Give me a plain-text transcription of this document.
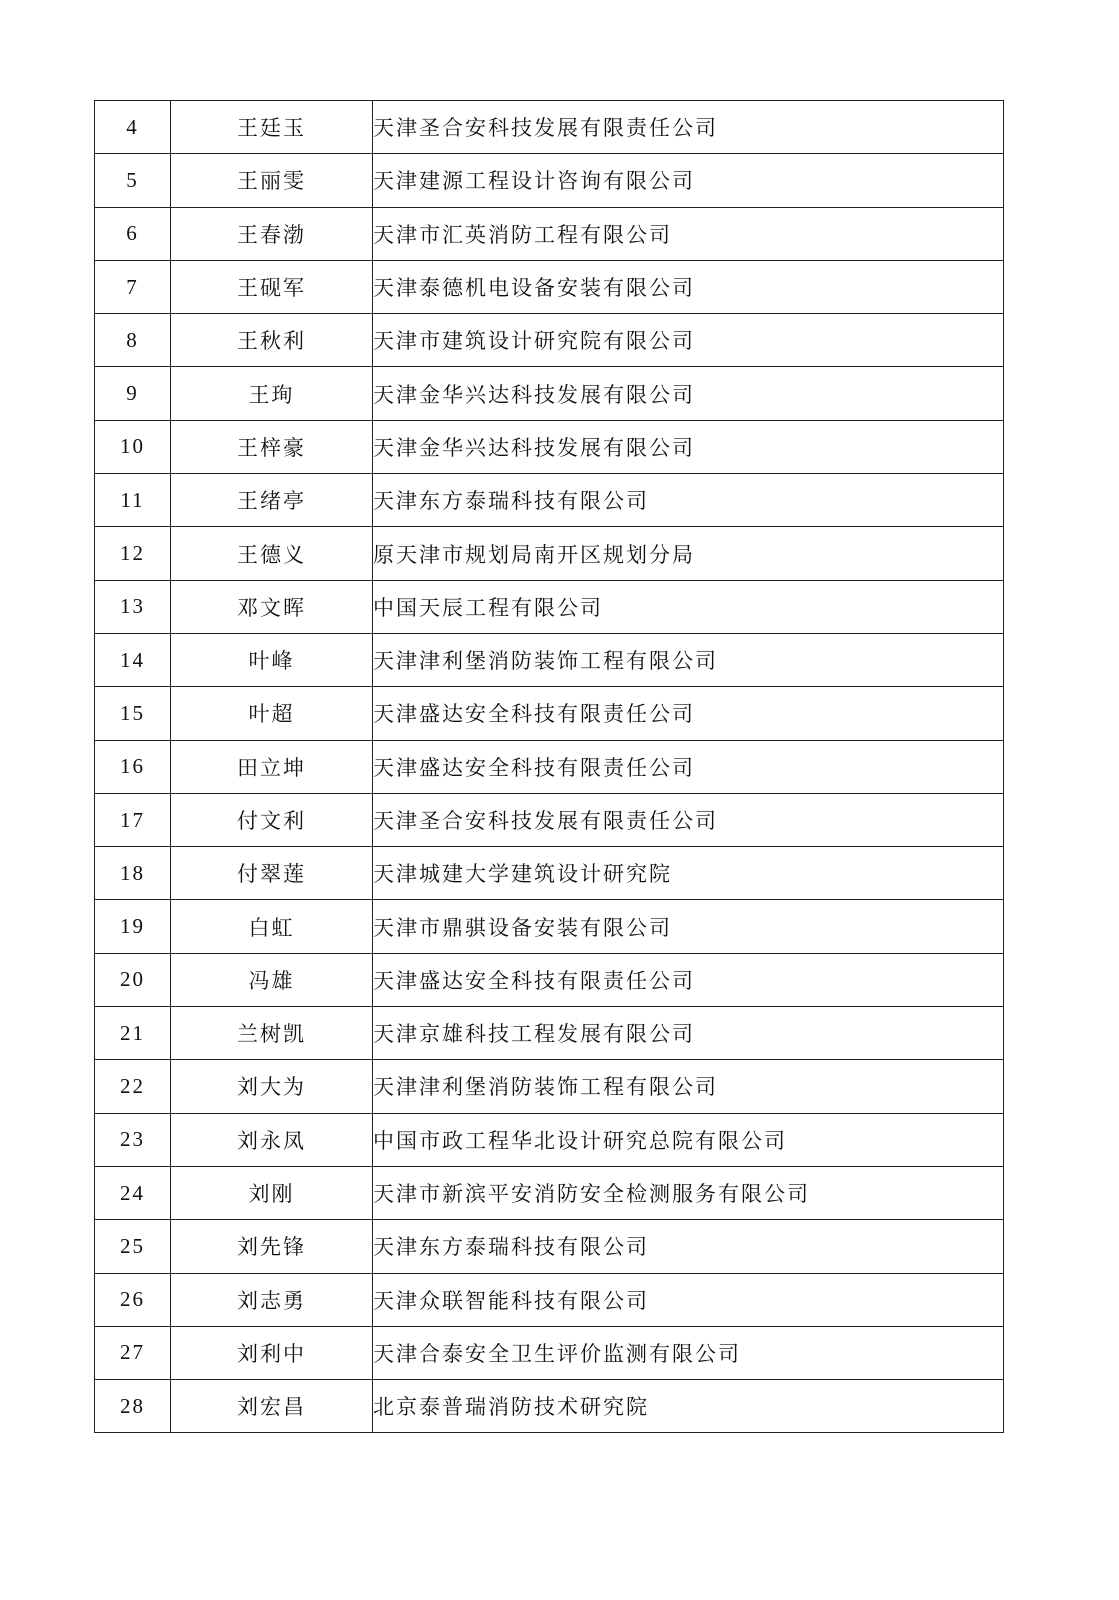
4	王廷玉	天津圣合安科技发展有限责任公司
5	王丽雯	天津建源工程设计咨询有限公司
6	王春渤	天津市汇英消防工程有限公司
7	王砚军	天津泰德机电设备安装有限公司
8	王秋利	天津市建筑设计研究院有限公司
9	王珣	天津金华兴达科技发展有限公司
10	王梓豪	天津金华兴达科技发展有限公司
11	王绪亭	天津东方泰瑞科技有限公司
12	王德义	原天津市规划局南开区规划分局
13	邓文晖	中国天辰工程有限公司
14	叶峰	天津津利堡消防装饰工程有限公司
15	叶超	天津盛达安全科技有限责任公司
16	田立坤	天津盛达安全科技有限责任公司
17	付文利	天津圣合安科技发展有限责任公司
18	付翠莲	天津城建大学建筑设计研究院
19	白虹	天津市鼎骐设备安装有限公司
20	冯雄	天津盛达安全科技有限责任公司
21	兰树凯	天津京雄科技工程发展有限公司
22	刘大为	天津津利堡消防装饰工程有限公司
23	刘永凤	中国市政工程华北设计研究总院有限公司
24	刘刚	天津市新滨平安消防安全检测服务有限公司
25	刘先锋	天津东方泰瑞科技有限公司
26	刘志勇	天津众联智能科技有限公司
27	刘利中	天津合泰安全卫生评价监测有限公司
28	刘宏昌	北京泰普瑞消防技术研究院
